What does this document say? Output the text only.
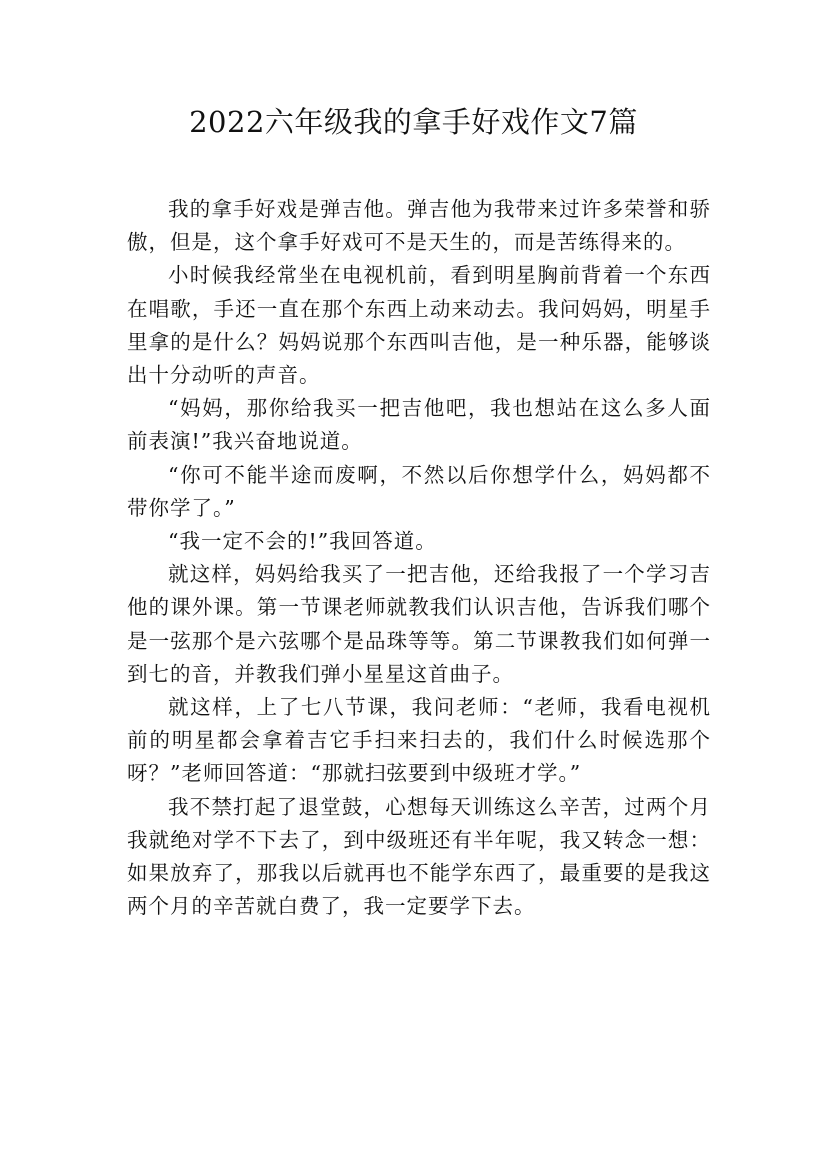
2022六年级我的拿手好戏作文7篇

我的拿手好戏是弹吉他。弹吉他为我带来过许多荣誉和骄傲，但是，这个拿手好戏可不是天生的，而是苦练得来的。

小时候我经常坐在电视机前，看到明星胸前背着一个东西在唱歌，手还一直在那个东西上动来动去。我问妈妈，明星手里拿的是什么？妈妈说那个东西叫吉他，是一种乐器，能够谈出十分动听的声音。

“妈妈，那你给我买一把吉他吧，我也想站在这么多人面前表演!”我兴奋地说道。

“你可不能半途而废啊，不然以后你想学什么，妈妈都不带你学了。”

“我一定不会的!”我回答道。

就这样，妈妈给我买了一把吉他，还给我报了一个学习吉他的课外课。第一节课老师就教我们认识吉他，告诉我们哪个是一弦那个是六弦哪个是品珠等等。第二节课教我们如何弹一到七的音，并教我们弹小星星这首曲子。

就这样，上了七八节课，我问老师：“老师，我看电视机前的明星都会拿着吉它手扫来扫去的，我们什么时候选那个呀？”老师回答道：“那就扫弦要到中级班才学。”

我不禁打起了退堂鼓，心想每天训练这么辛苦，过两个月我就绝对学不下去了，到中级班还有半年呢，我又转念一想：如果放弃了，那我以后就再也不能学东西了，最重要的是我这两个月的辛苦就白费了，我一定要学下去。
